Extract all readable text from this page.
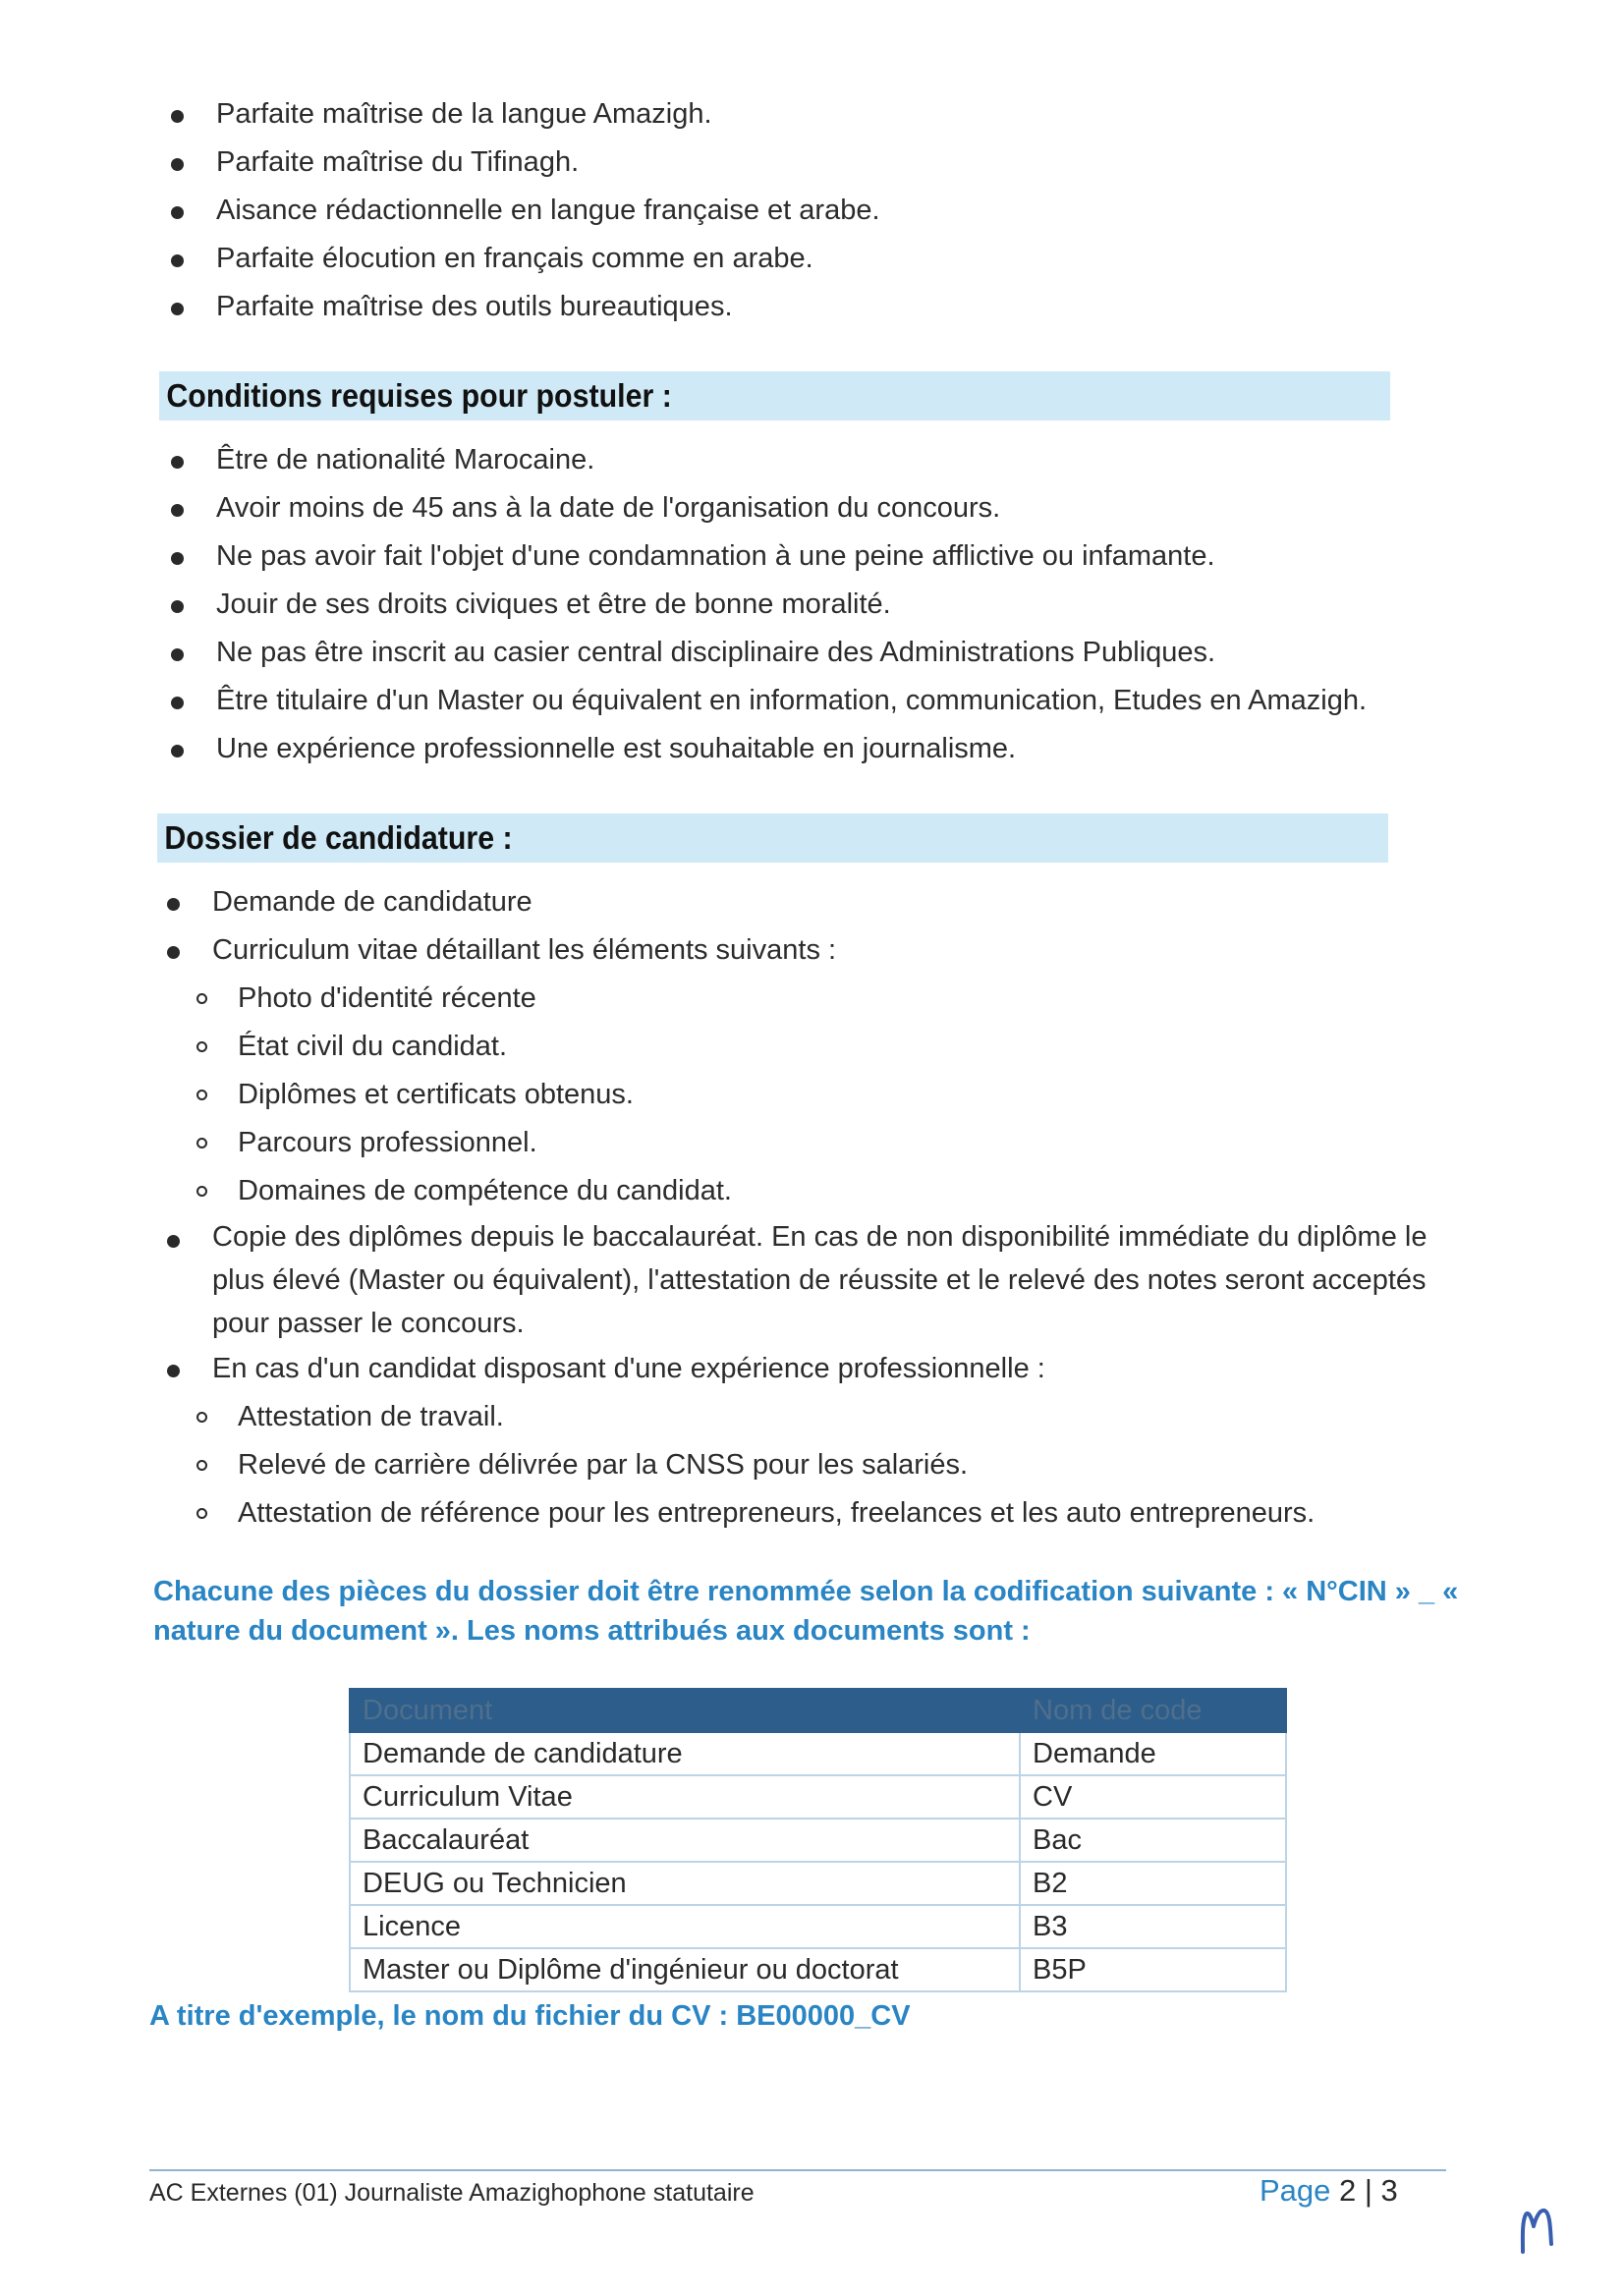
Parfaite maîtrise de la langue Amazigh.
Parfaite maîtrise du Tifinagh.
Aisance rédactionnelle en langue française et arabe.
Parfaite élocution en français comme en arabe.
Parfaite maîtrise des outils bureautiques.
Conditions requises pour postuler :
Être de nationalité Marocaine.
Avoir moins de 45 ans à la date de l'organisation du concours.
Ne pas avoir fait l'objet d'une condamnation à une peine afflictive ou infamante.
Jouir de ses droits civiques et être de bonne moralité.
Ne pas être inscrit au casier central disciplinaire des Administrations Publiques.
Être titulaire d'un Master ou équivalent en information, communication, Etudes en Amazigh.
Une expérience professionnelle est souhaitable en journalisme.
Dossier de candidature :
Demande de candidature
Curriculum vitae détaillant les éléments suivants :
Photo d'identité récente
État civil du candidat.
Diplômes et certificats obtenus.
Parcours professionnel.
Domaines de compétence du candidat.
Copie des diplômes depuis le baccalauréat. En cas de non disponibilité immédiate du diplôme le plus élevé (Master ou équivalent), l'attestation de réussite et le relevé des notes seront acceptés pour passer le concours.
En cas d'un candidat disposant d'une expérience professionnelle :
Attestation de travail.
Relevé de carrière délivrée par la CNSS pour les salariés.
Attestation de référence pour les entrepreneurs, freelances et les auto entrepreneurs.
Chacune des pièces du dossier doit être renommée selon la codification suivante : « N°CIN » _ « nature du document ». Les noms attribués aux documents sont :
Document	Nom de code
Demande de candidature	Demande
Curriculum Vitae	CV
Baccalauréat	Bac
DEUG ou Technicien	B2
Licence	B3
Master ou Diplôme d'ingénieur ou doctorat	B5P
A titre d'exemple, le nom du fichier du CV : BE00000_CV
AC Externes (01) Journaliste Amazighophone statutaire	Page 2 | 3
